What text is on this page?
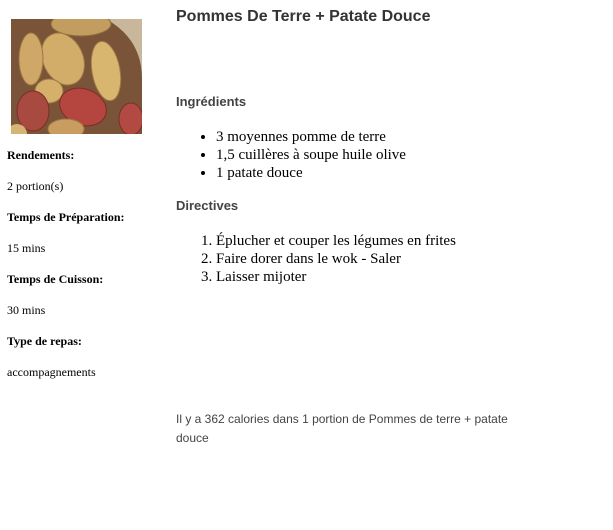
Rendements:
2 portion(s)
Temps de Préparation:
15 mins
Temps de Cuisson:
30 mins
Type de repas:
accompagnements
Pommes De Terre + Patate Douce
Ingrédients
• 3 moyennes pomme de terre
• 1,5 cuillères à soupe huile olive
• 1 patate douce
Directives
1. Éplucher et couper les légumes en frites
2. Faire dorer dans le wok - Saler
3. Laisser mijoter

Il y a 362 calories dans 1 portion de Pommes de terre + patate douce
